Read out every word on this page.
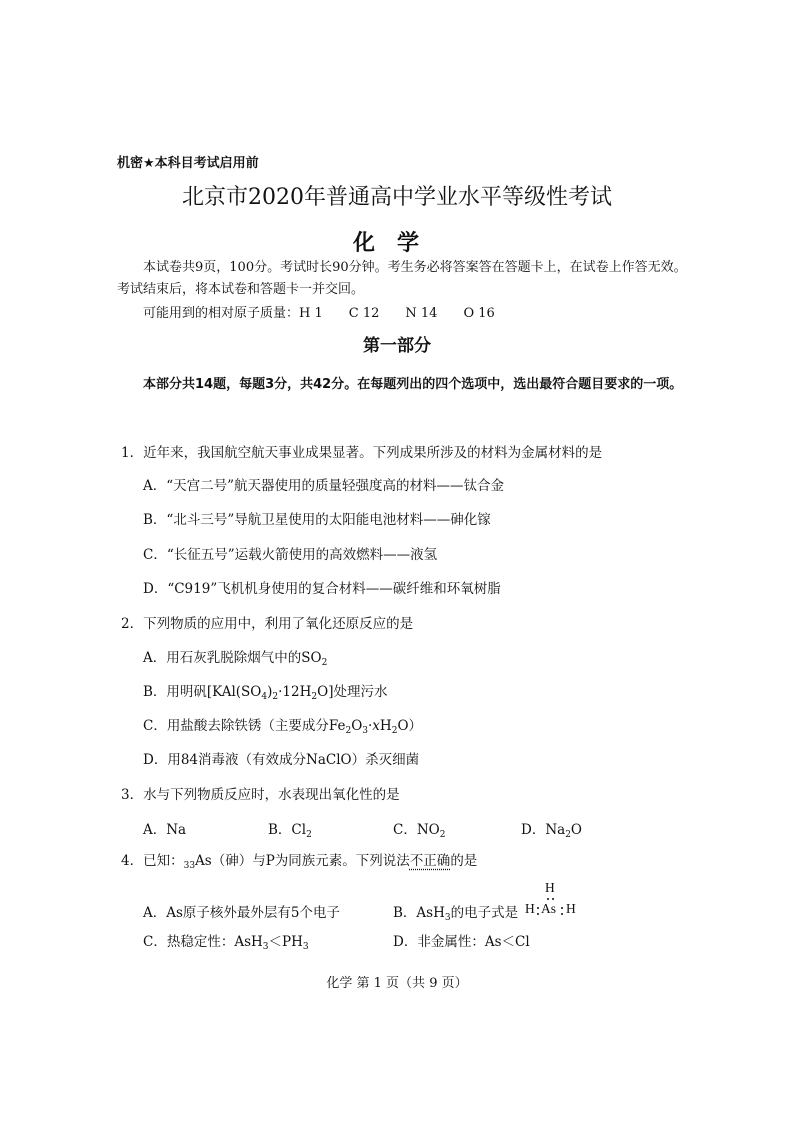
机密★本科目考试启用前
北京市2020年普通高中学业水平等级性考试
化学
本试卷共9页，100分。考试时长90分钟。考生务必将答案答在答题卡上，在试卷上作答无效。考试结束后，将本试卷和答题卡一并交回。
可能用到的相对原子质量：H 1 C 12 N 14 O 16
第一部分
本部分共14题，每题3分，共42分。在每题列出的四个选项中，选出最符合题目要求的一项。
1．近年来，我国航空航天事业成果显著。下列成果所涉及的材料为金属材料的是
A．“天宫二号”航天器使用的质量轻强度高的材料——钛合金
B．“北斗三号”导航卫星使用的太阳能电池材料——砷化镓
C．“长征五号”运载火箭使用的高效燃料——液氢
D．“C919”飞机机身使用的复合材料——碳纤维和环氧树脂
2．下列物质的应用中，利用了氧化还原反应的是
A．用石灰乳脱除烟气中的$SO_2$
B．用明矾$[KAl(SO_4)_2\cdot 12H_2O]$处理污水
C．用盐酸去除铁锈（主要成分$Fe_2O_3\cdot xH_2O$）
D．用84消毒液（有效成分NaClO）杀灭细菌
3．水与下列物质反应时，水表现出氧化性的是
A．Na	B．$Cl_2$	C．$NO_2$	D．$Na_2O$
4．已知：$_{33}$As（砷）与P为同族元素。下列说法不正确的是
A．As原子核外最外层有5个电子	B．AsH$_3$的电子式是
H
H As H
C．热稳定性：$AsH_3<PH_3$	D．非金属性：As＜Cl
化学 第 1 页（共 9 页）
